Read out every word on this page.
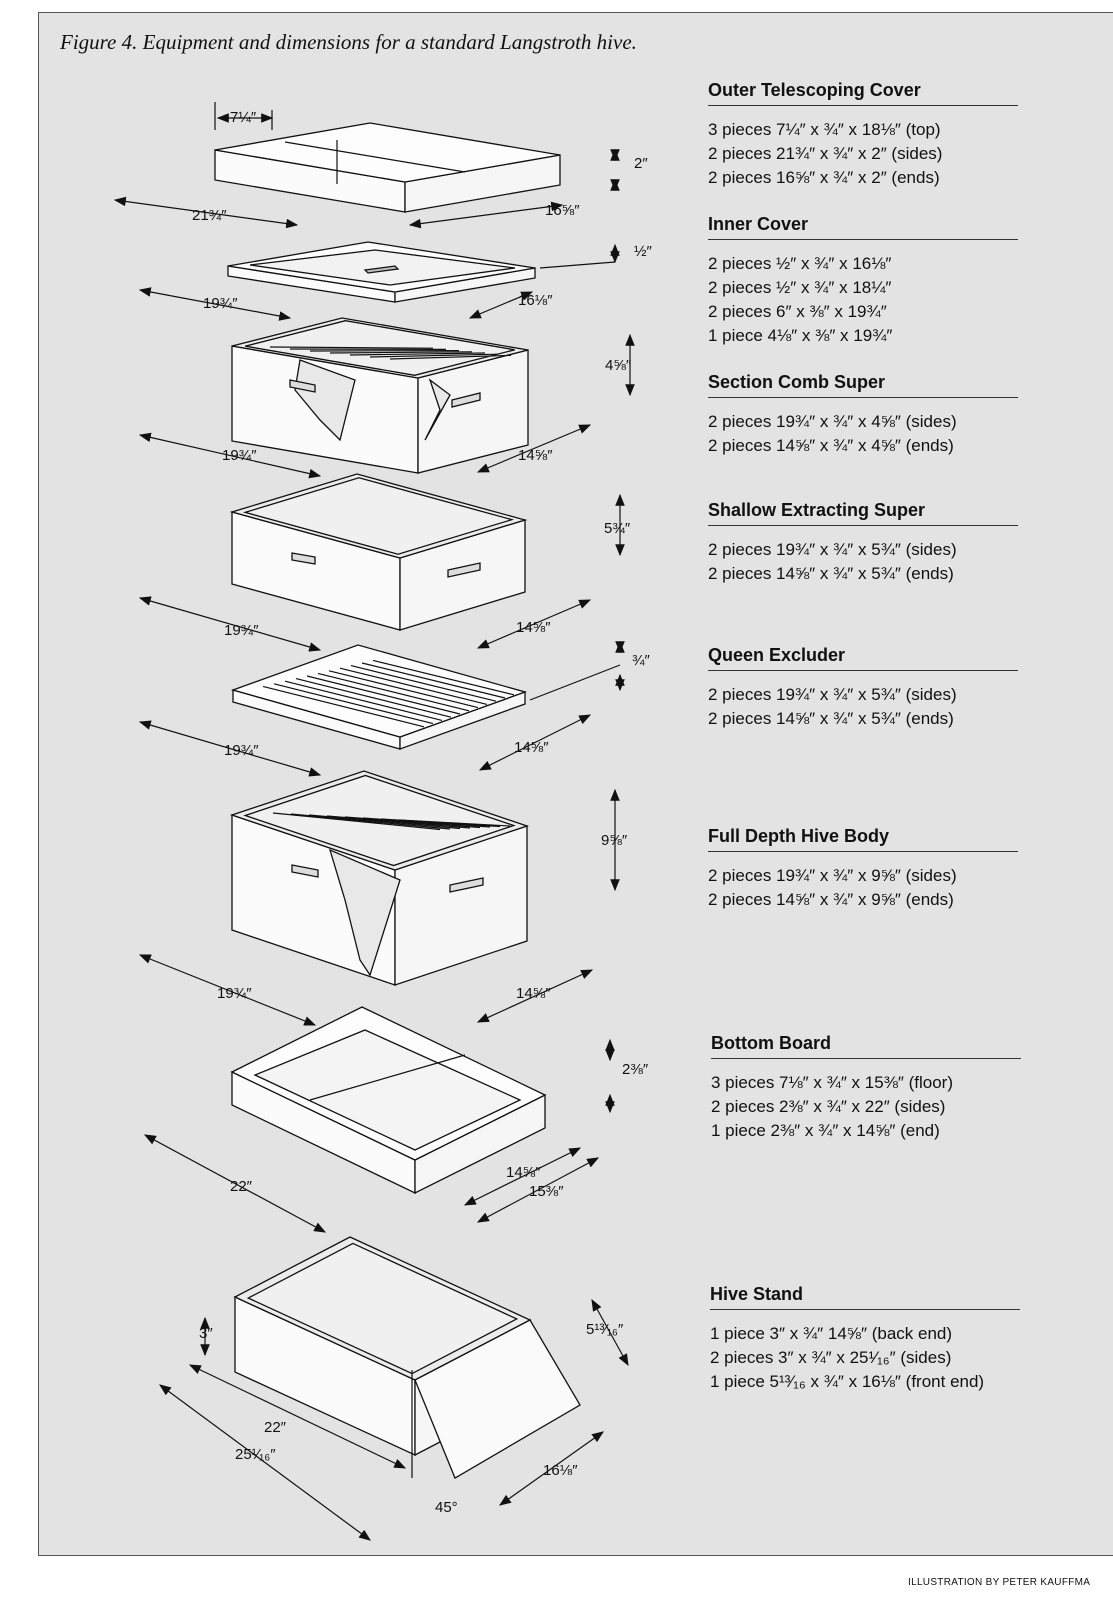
Figure 4. Equipment and dimensions for a standard Langstroth hive.
7¼″
21¾″	16⅝″
2″
½″
19¾″	16⅛″
4⅝″
19¾″	14⅝″
5¾″
19¾″	14⅝″
¾″
19¾″	14⅝″
9⅝″
19¾″	14⅝″
2⅜″
22″
14⅝″
15⅜″
3″	5¹³⁄₁₆″
22″
25¹⁄₁₆″
16⅛″
45°
Outer Telescoping Cover
3 pieces 7¼″ x ¾″ x 18⅛″ (top)
2 pieces 21¾″ x ¾″ x 2″ (sides)
2 pieces 16⅝″ x ¾″ x 2″ (ends)
Inner Cover
2 pieces ½″ x ¾″ x 16⅛″
2 pieces ½″ x ¾″ x 18¼″
2 pieces 6″ x ⅜″ x 19¾″
1 piece 4⅛″ x ⅜″ x 19¾″
Section Comb Super
2 pieces 19¾″ x ¾″ x 4⅝″ (sides)
2 pieces 14⅝″ x ¾″ x 4⅝″ (ends)
Shallow Extracting Super
2 pieces 19¾″ x ¾″ x 5¾″ (sides)
2 pieces 14⅝″ x ¾″ x 5¾″ (ends)
Queen Excluder
2 pieces 19¾″ x ¾″ x 5¾″ (sides)
2 pieces 14⅝″ x ¾″ x 5¾″ (ends)
Full Depth Hive Body
2 pieces 19¾″ x ¾″ x 9⅝″ (sides)
2 pieces 14⅝″ x ¾″ x 9⅝″ (ends)
Bottom Board
3 pieces 7⅛″ x ¾″ x 15⅜″ (floor)
2 pieces 2⅜″ x ¾″ x 22″ (sides)
1 piece 2⅜″ x ¾″ x 14⅝″ (end)
Hive Stand
1 piece 3″ x ¾″ 14⅝″ (back end)
2 pieces 3″ x ¾″ x 25¹⁄₁₆″ (sides)
1 piece 5¹³⁄₁₆ x ¾″ x 16⅛″ (front end)
ILLUSTRATION BY PETER KAUFFMA
